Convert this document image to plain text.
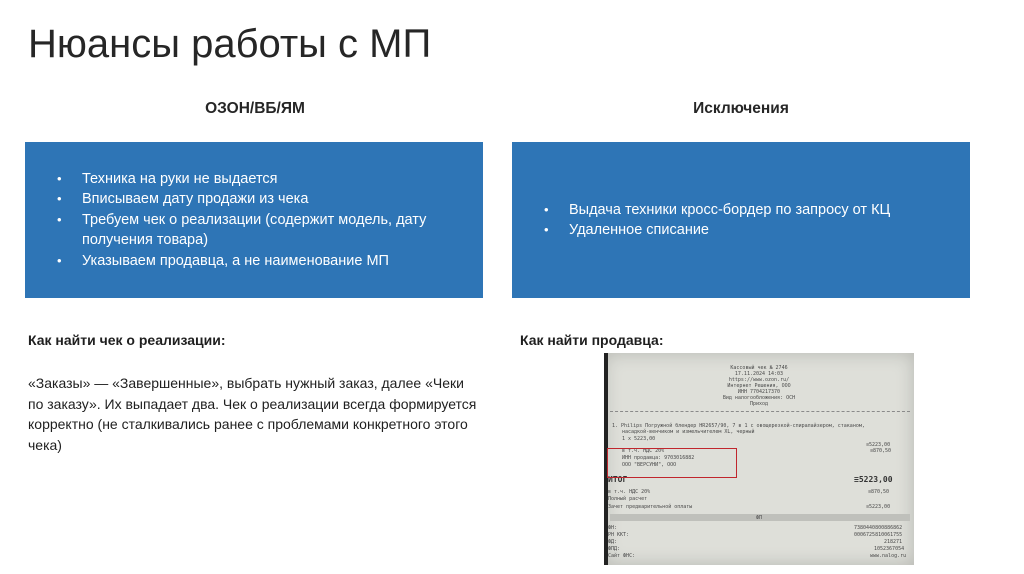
Нюансы работы с МП
ОЗОН/ВБ/ЯМ	Исключения
• Техника на руки не выдается
• Вписываем дату продажи из чека
• Требуем чек о реализации (содержит модель, дату получения товара)
• Указываем продавца, а не наименование МП
• Выдача техники кросс-бордер по запросу от КЦ
• Удаленное списание
Как найти чек о реализации:	Как найти продавца:

«Заказы» — «Завершенные», выбрать нужный заказ, далее «Чеки по заказу». Их выпадает два. Чек о реализации всегда формируется корректно (не сталкивались ранее с проблемами конкретного этого чека)

Кассовый чек № 2746
17.11.2024 14:03
https://www.ozon.ru/
Интернет Решения, ООО
ИНН 7704217370
Вид налогообложения: ОСН
Приход
1. Philips Погружной блендер HR2657/90, 7 в 1 с овощерезкой-спиралайзером, стаканом,
насадкой-венчиком и измельчителем XL, черный
1 x 5223,00
≡5223,00
в т.ч. НДС 20%	≡870,50
ИНН продавца: 9703016882
ООО "ВЕРСУНИ", ООО
ИТОГ	≡5223,00
в т.ч. НДС 20%	≡870,50
Полный расчет
Зачет предварительной оплаты	≡5223,00
ФП
ФН:	7380440800886862
РН ККТ:	0006725810061755
ФД:	218271
ФПД:	1052367054
Сайт ФНС:	www.nalog.ru
